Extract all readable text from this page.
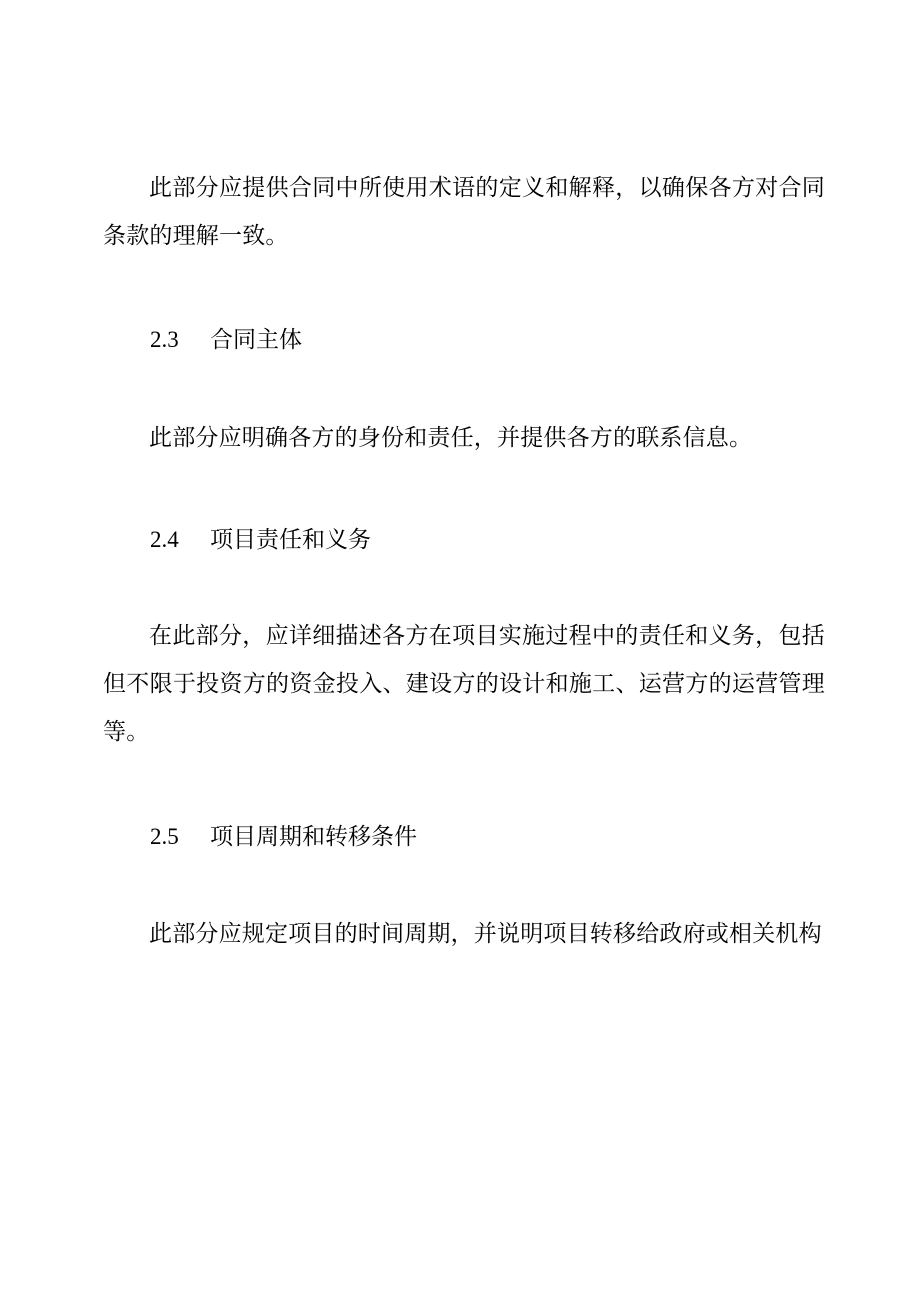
此部分应提供合同中所使用术语的定义和解释，以确保各方对合同条款的理解一致。

2.3 合同主体

此部分应明确各方的身份和责任，并提供各方的联系信息。

2.4 项目责任和义务

在此部分，应详细描述各方在项目实施过程中的责任和义务，包括但不限于投资方的资金投入、建设方的设计和施工、运营方的运营管理等。

2.5 项目周期和转移条件

此部分应规定项目的时间周期，并说明项目转移给政府或相关机构
